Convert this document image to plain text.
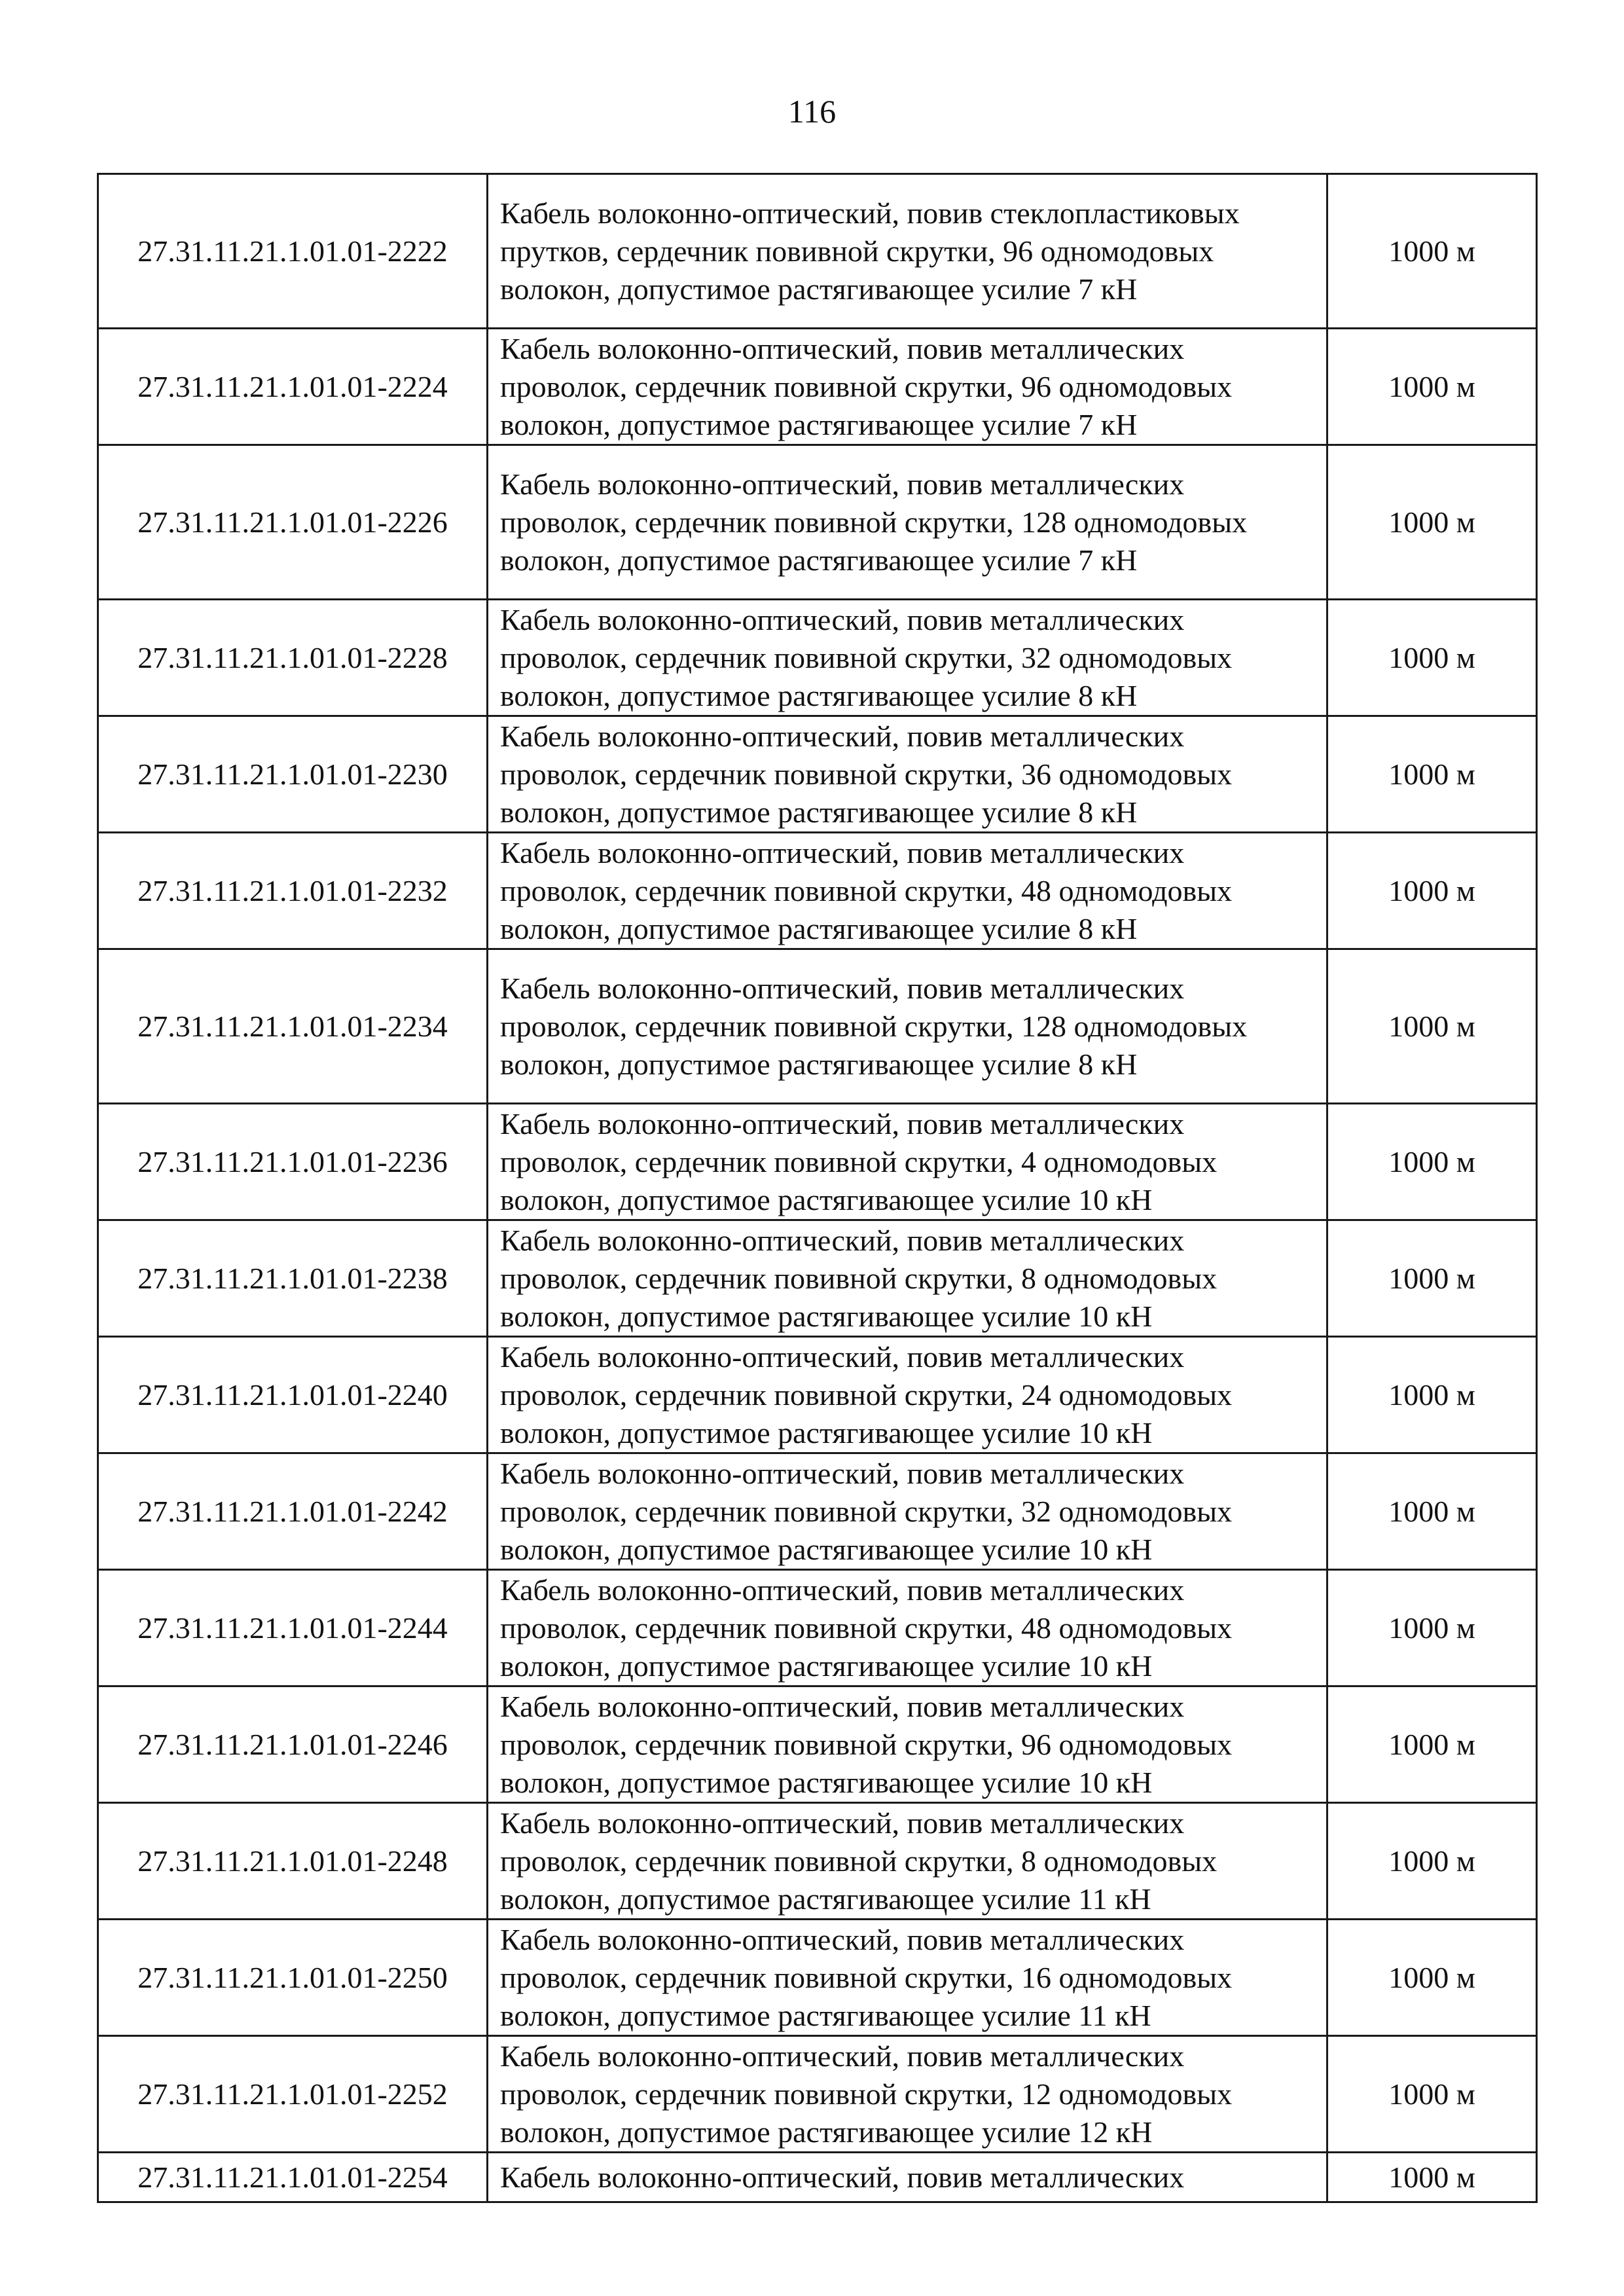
116
27.31.11.21.1.01.01-2222	Кабель волоконно-оптический, повив стеклопластиковых прутков, сердечник повивной скрутки, 96 одномодовых волокон, допустимое растягивающее усилие 7 кН	1000 м
27.31.11.21.1.01.01-2224	Кабель волоконно-оптический, повив металлических проволок, сердечник повивной скрутки, 96 одномодовых волокон, допустимое растягивающее усилие 7 кН	1000 м
27.31.11.21.1.01.01-2226	Кабель волоконно-оптический, повив металлических проволок, сердечник повивной скрутки, 128 одномодовых волокон, допустимое растягивающее усилие 7 кН	1000 м
27.31.11.21.1.01.01-2228	Кабель волоконно-оптический, повив металлических проволок, сердечник повивной скрутки, 32 одномодовых волокон, допустимое растягивающее усилие 8 кН	1000 м
27.31.11.21.1.01.01-2230	Кабель волоконно-оптический, повив металлических проволок, сердечник повивной скрутки, 36 одномодовых волокон, допустимое растягивающее усилие 8 кН	1000 м
27.31.11.21.1.01.01-2232	Кабель волоконно-оптический, повив металлических проволок, сердечник повивной скрутки, 48 одномодовых волокон, допустимое растягивающее усилие 8 кН	1000 м
27.31.11.21.1.01.01-2234	Кабель волоконно-оптический, повив металлических проволок, сердечник повивной скрутки, 128 одномодовых волокон, допустимое растягивающее усилие 8 кН	1000 м
27.31.11.21.1.01.01-2236	Кабель волоконно-оптический, повив металлических проволок, сердечник повивной скрутки, 4 одномодовых волокон, допустимое растягивающее усилие 10 кН	1000 м
27.31.11.21.1.01.01-2238	Кабель волоконно-оптический, повив металлических проволок, сердечник повивной скрутки, 8 одномодовых волокон, допустимое растягивающее усилие 10 кН	1000 м
27.31.11.21.1.01.01-2240	Кабель волоконно-оптический, повив металлических проволок, сердечник повивной скрутки, 24 одномодовых волокон, допустимое растягивающее усилие 10 кН	1000 м
27.31.11.21.1.01.01-2242	Кабель волоконно-оптический, повив металлических проволок, сердечник повивной скрутки, 32 одномодовых волокон, допустимое растягивающее усилие 10 кН	1000 м
27.31.11.21.1.01.01-2244	Кабель волоконно-оптический, повив металлических проволок, сердечник повивной скрутки, 48 одномодовых волокон, допустимое растягивающее усилие 10 кН	1000 м
27.31.11.21.1.01.01-2246	Кабель волоконно-оптический, повив металлических проволок, сердечник повивной скрутки, 96 одномодовых волокон, допустимое растягивающее усилие 10 кН	1000 м
27.31.11.21.1.01.01-2248	Кабель волоконно-оптический, повив металлических проволок, сердечник повивной скрутки, 8 одномодовых волокон, допустимое растягивающее усилие 11 кН	1000 м
27.31.11.21.1.01.01-2250	Кабель волоконно-оптический, повив металлических проволок, сердечник повивной скрутки, 16 одномодовых волокон, допустимое растягивающее усилие 11 кН	1000 м
27.31.11.21.1.01.01-2252	Кабель волоконно-оптический, повив металлических проволок, сердечник повивной скрутки, 12 одномодовых волокон, допустимое растягивающее усилие 12 кН	1000 м
27.31.11.21.1.01.01-2254	Кабель волоконно-оптический, повив металлических	1000 м
